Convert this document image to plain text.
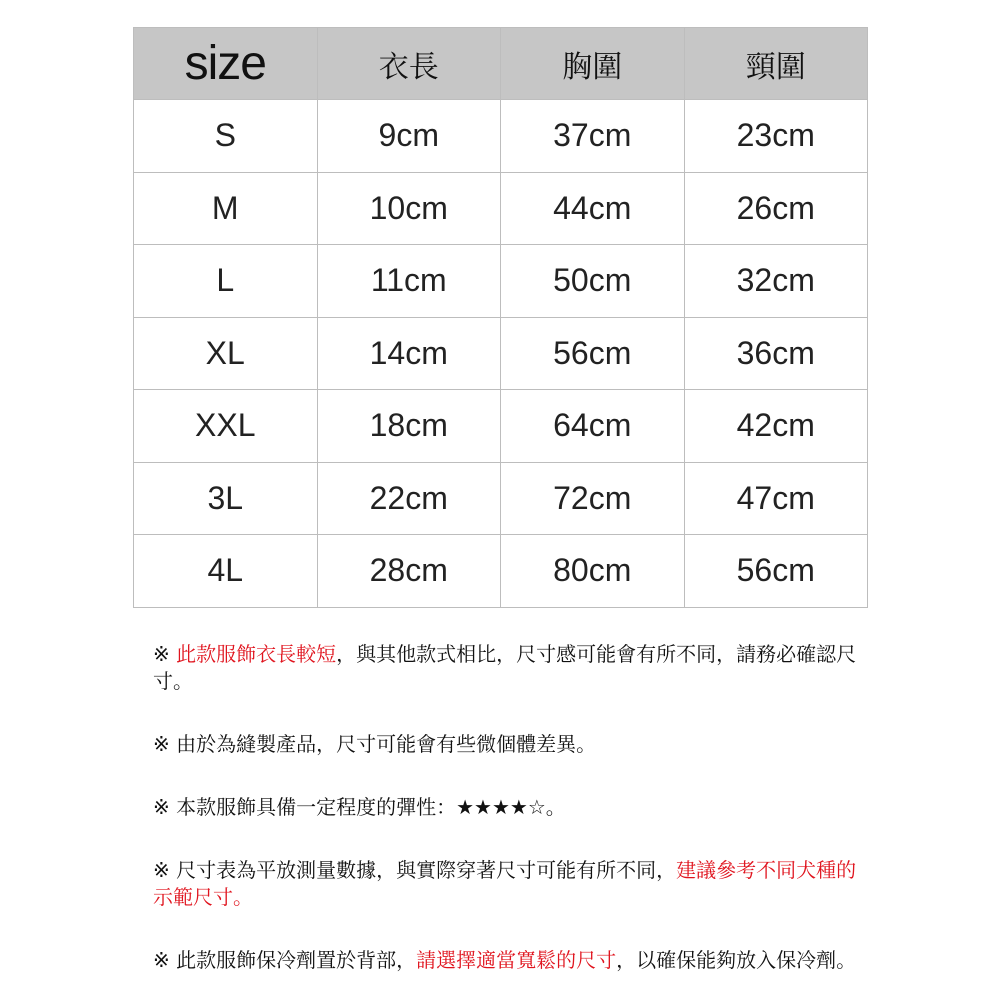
size	衣長	胸圍	頸圍
S	9cm	37cm	23cm
M	10cm	44cm	26cm
L	11cm	50cm	32cm
XL	14cm	56cm	36cm
XXL	18cm	64cm	42cm
3L	22cm	72cm	47cm
4L	28cm	80cm	56cm

※ 此款服飾衣長較短，與其他款式相比，尺寸感可能會有所不同，請務必確認尺寸。

※ 由於為縫製產品，尺寸可能會有些微個體差異。

※ 本款服飾具備一定程度的彈性：★★★★☆。

※ 尺寸表為平放測量數據，與實際穿著尺寸可能有所不同，建議參考不同犬種的示範尺寸。

※ 此款服飾保冷劑置於背部，請選擇適當寬鬆的尺寸，以確保能夠放入保冷劑。
